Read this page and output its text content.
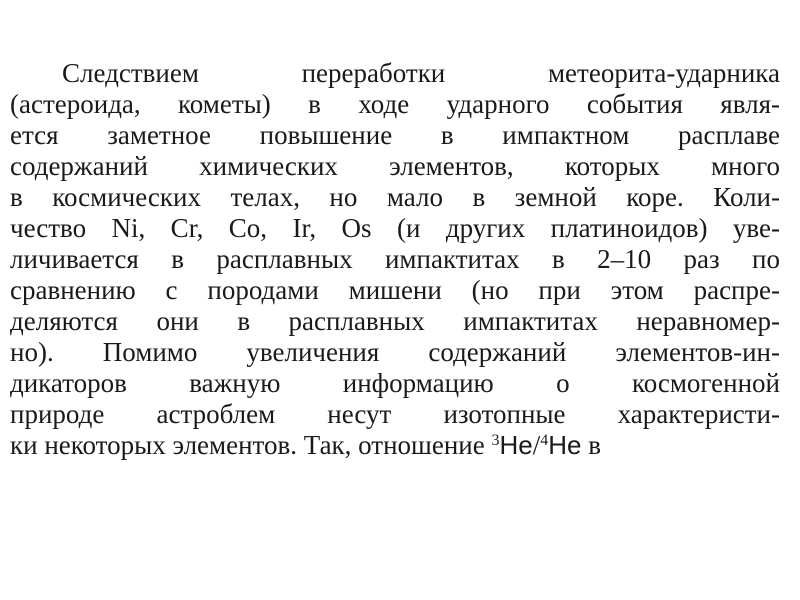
Следствием переработки метеорита-ударника
(астероида, кометы) в ходе ударного события явля-
ется заметное повышение в импактном расплаве
содержаний химических элементов, которых много
в космических телах, но мало в земной коре. Коли-
чество Ni, Cr, Co, Ir, Os (и других платиноидов) уве-
личивается в расплавных импактитах в 2–10 раз по
сравнению с породами мишени (но при этом распре-
деляются они в расплавных импактитах неравномер-
но). Помимо увеличения содержаний элементов-ин-
дикаторов важную информацию о космогенной
природе астроблем несут изотопные характеристи-
ки некоторых элементов. Так, отношение $^3$He/$^4$He в
